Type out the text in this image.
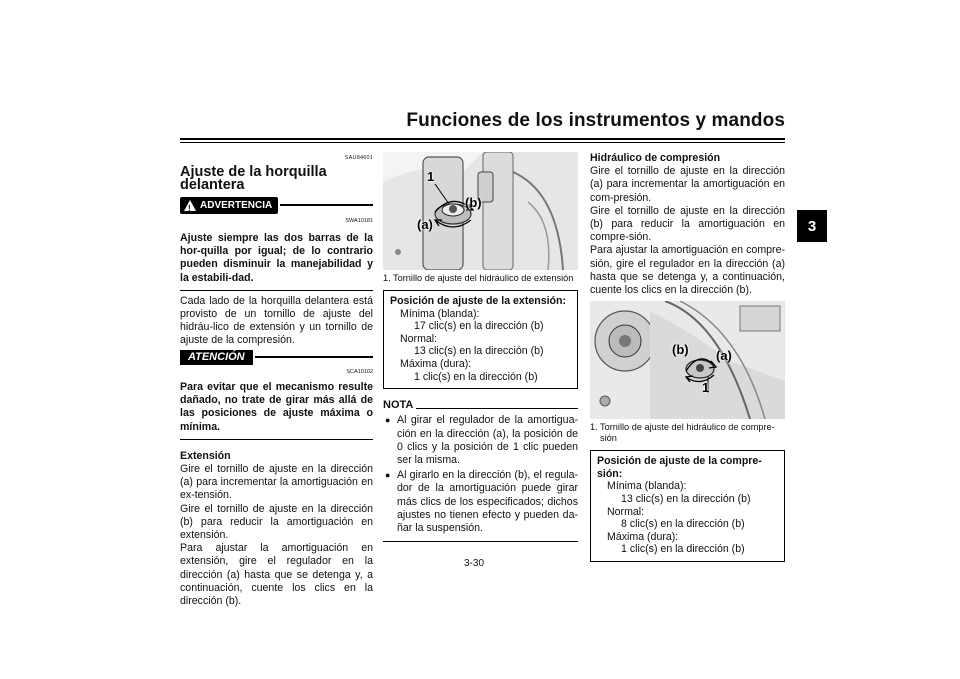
Funciones de los instrumentos y mandos
3
SAU84601
Ajuste de la horquilla delantera
! ADVERTENCIA
SWA10181
Ajuste siempre las dos barras de la hor-quilla por igual; de lo contrario pueden disminuir la manejabilidad y la estabili-dad.
Cada lado de la horquilla delantera está provisto de un tornillo de ajuste del hidráu-lico de extensión y un tornillo de ajuste de la compresión.
ATENCIÓN
SCA10102
Para evitar que el mecanismo resulte dañado, no trate de girar más allá de las posiciones de ajuste máxima o mínima.
Extensión
Gire el tornillo de ajuste en la dirección (a) para incrementar la amortiguación en ex-tensión.
Gire el tornillo de ajuste en la dirección (b) para reducir la amortiguación en extensión.
Para ajustar la amortiguación en extensión, gire el regulador en la dirección (a) hasta que se detenga y, a continuación, cuente los clics en la dirección (b).
1
(a)
(b)
1. Tornillo de ajuste del hidráulico de extensión
Posición de ajuste de la extensión:
Mínima (blanda):
17 clic(s) en la dirección (b)
Normal:
13 clic(s) en la dirección (b)
Máxima (dura):
1 clic(s) en la dirección (b)
NOTA
● Al girar el regulador de la amortigua-ción en la dirección (a), la posición de 0 clics y la posición de 1 clic pueden ser la misma.
● Al girarlo en la dirección (b), el regula-dor de la amortiguación puede girar más clics de los especificados; dichos ajustes no tienen efecto y pueden da-ñar la suspensión.
Hidráulico de compresión
Gire el tornillo de ajuste en la dirección (a) para incrementar la amortiguación en com-presión.
Gire el tornillo de ajuste en la dirección (b) para reducir la amortiguación en compre-sión.
Para ajustar la amortiguación en compre-sión, gire el regulador en la dirección (a) hasta que se detenga y, a continuación, cuente los clics en la dirección (b).
(b) (a)
1
1. Tornillo de ajuste del hidráulico de compre-sión
Posición de ajuste de la compre-sión:
Mínima (blanda):
13 clic(s) en la dirección (b)
Normal:
8 clic(s) en la dirección (b)
Máxima (dura):
1 clic(s) en la dirección (b)
3-30
